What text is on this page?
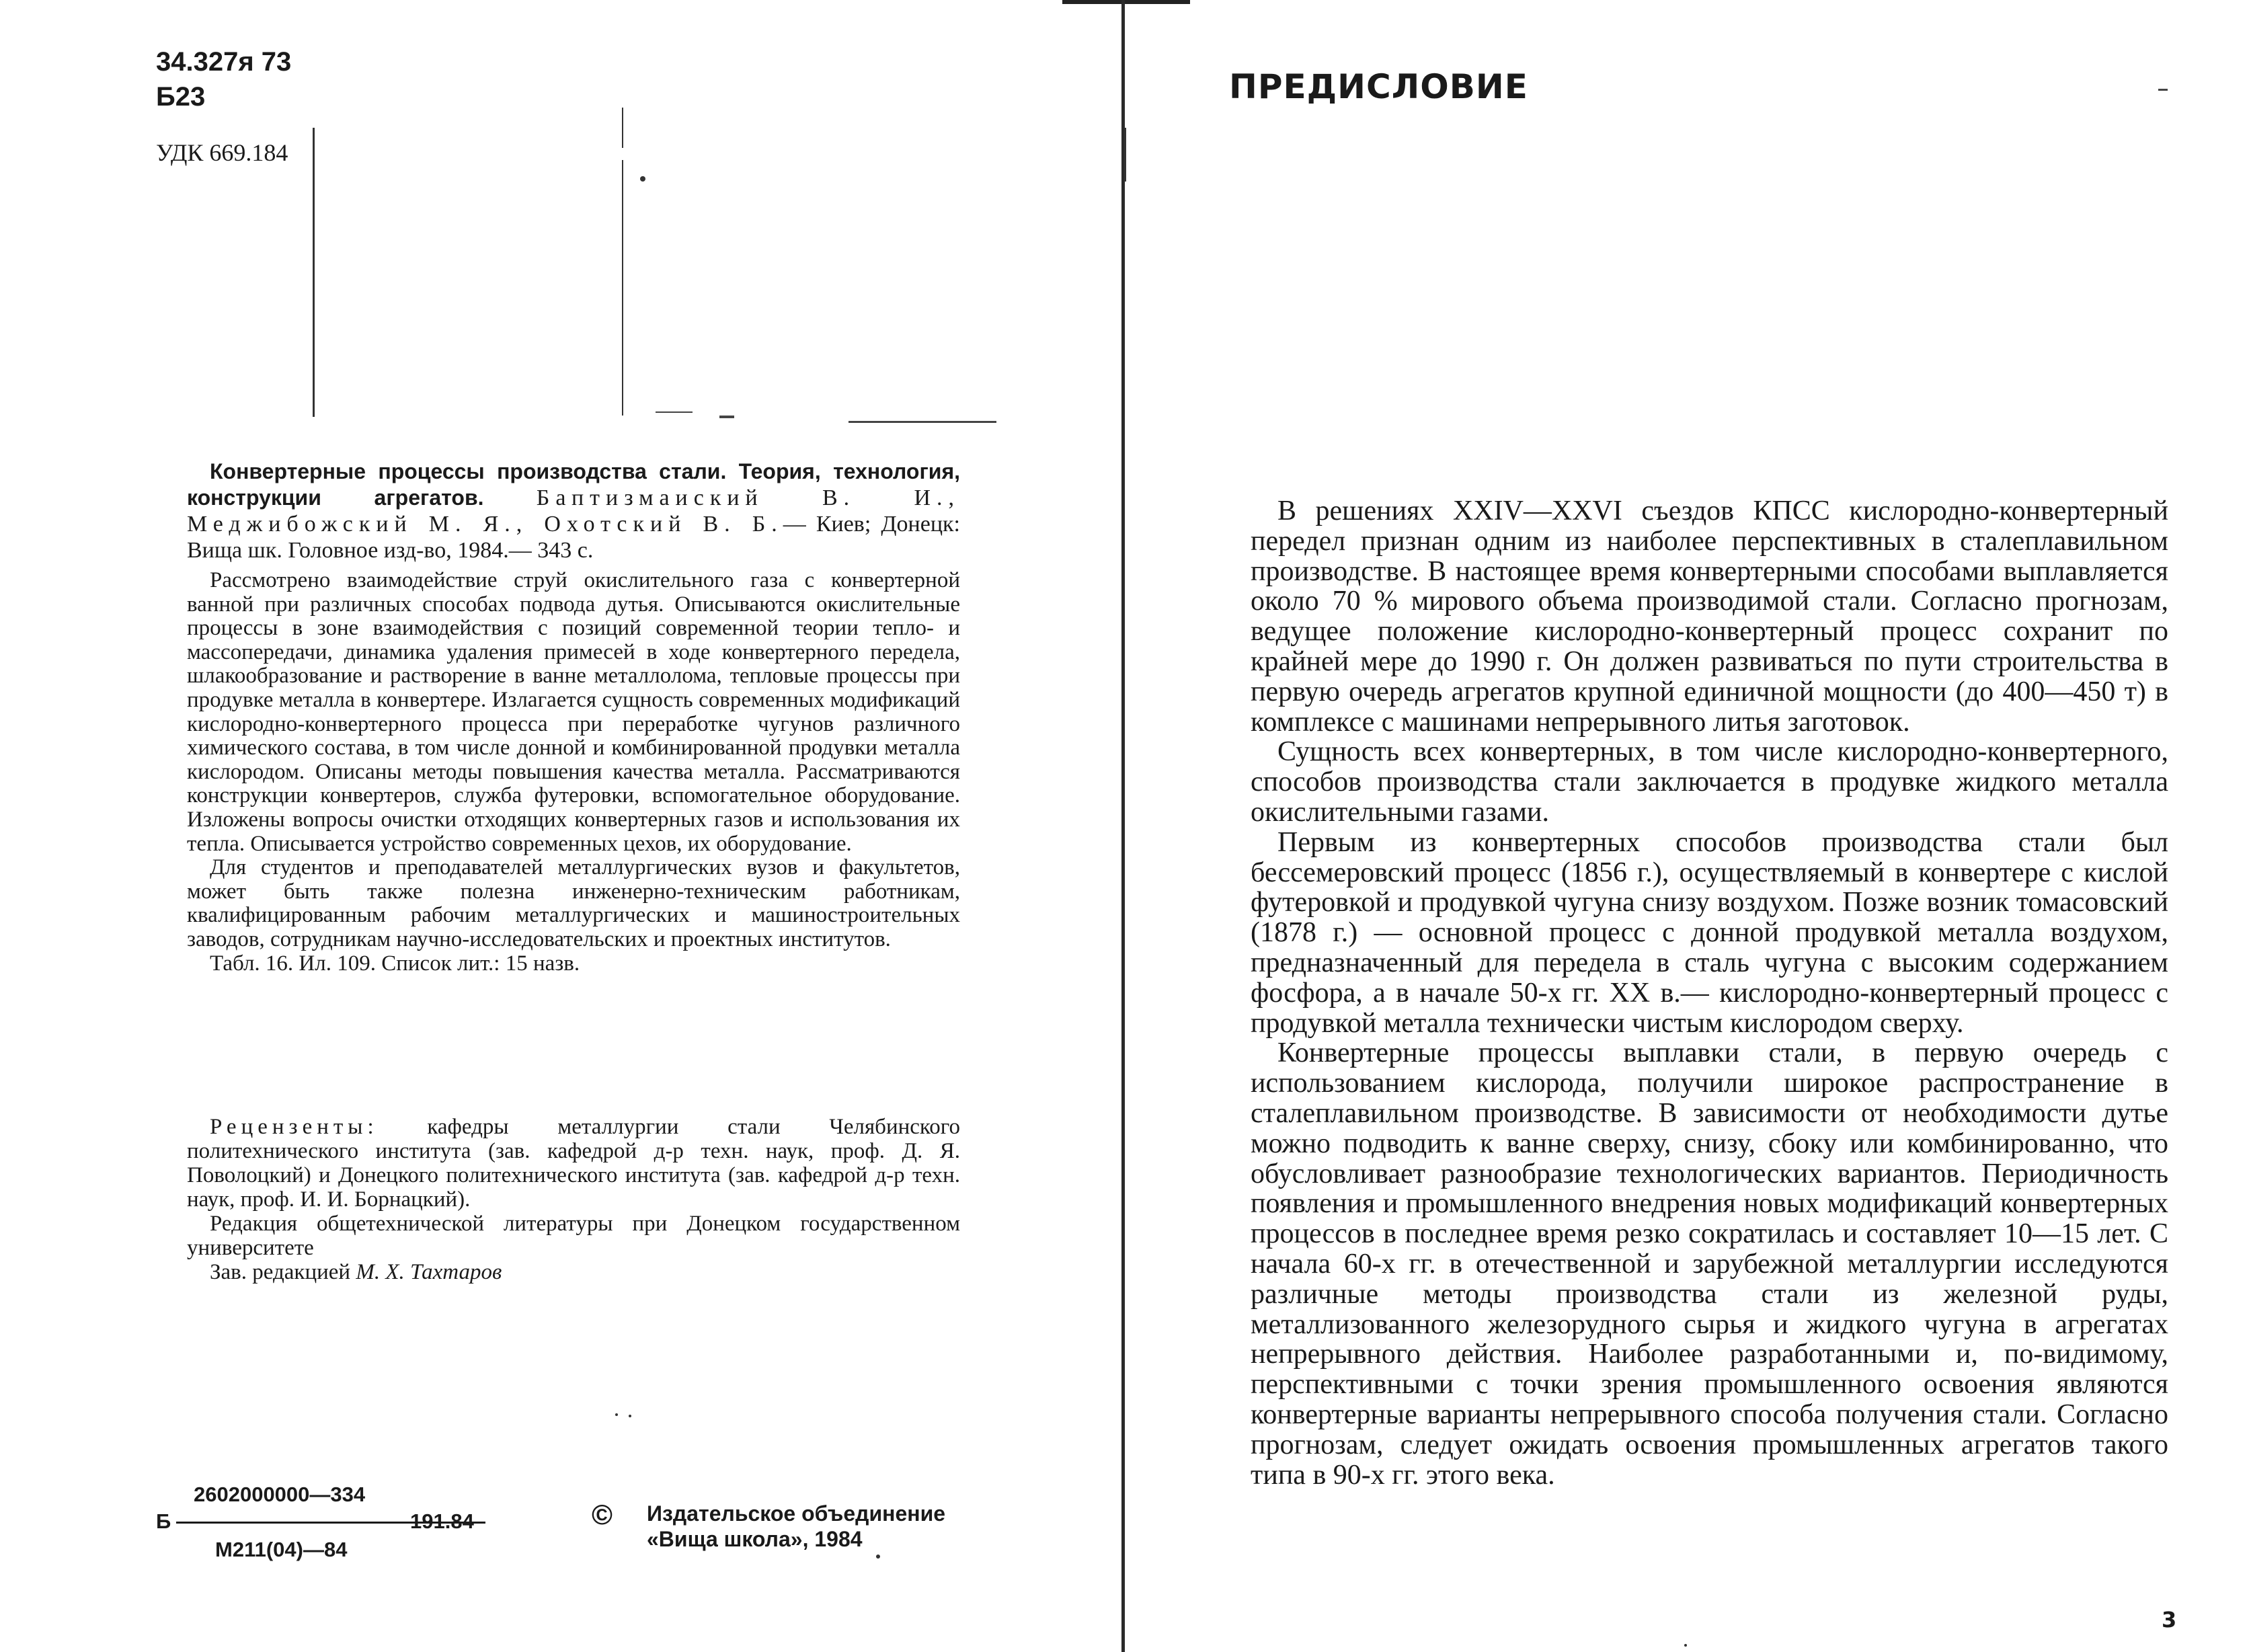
34.327я 73
Б23
УДК 669.184
Конвертерные процессы производства стали. Теория, технология, конструкции агрегатов. Баптизмаиский В. И., Меджибожский М. Я., Охотский В. Б.— Киев; Донецк: Вища шк. Головное изд-во, 1984.— 343 с.

Рассмотрено взаимодействие струй окислительного газа с конвертерной ванной при различных способах подвода дутья. Описываются окислительные процессы в зоне взаимодействия с позиций современной теории тепло- и массопередачи, динамика удаления примесей в ходе конвертерного передела, шлакообразование и растворение в ванне металлолома, тепловые процессы при продувке металла в конвертере. Излагается сущность современных модификаций кислородно-конвертерного процесса при переработке чугунов различного химического состава, в том числе донной и комбинированной продувки металла кислородом. Описаны методы повышения качества металла. Рассматриваются конструкции конвертеров, служба футеровки, вспомогательное оборудование. Изложены вопросы очистки отходящих конвертерных газов и использования их тепла. Описывается устройство современных цехов, их оборудование.

Для студентов и преподавателей металлургических вузов и факультетов, может быть также полезна инженерно-техническим работникам, квалифицированным рабочим металлургических и машиностроительных заводов, сотрудникам научно-исследовательских и проектных институтов.

Табл. 16. Ил. 109. Список лит.: 15 назв.

Рецензенты: кафедры металлургии стали Челябинского политехнического института (зав. кафедрой д-р техн. наук, проф. Д. Я. Поволоцкий) и Донецкого политехнического института (зав. кафедрой д-р техн. наук, проф. И. И. Борнацкий).

Редакция общетехнической литературы при Донецком государственном университете

Зав. редакцией М. Х. Тахтаров

2602000000—334
Б	191.84
М211(04)—84
© Издательское объединение
«Вища школа», 1984
ПРЕДИСЛОВИЕ

В решениях XXIV—XXVI съездов КПСС кислородно-конвертерный передел признан одним из наиболее перспективных в сталеплавильном производстве. В настоящее время конвертерными способами выплавляется около 70 % мирового объема производимой стали. Согласно прогнозам, ведущее положение кислородно-конвертерный процесс сохранит по крайней мере до 1990 г. Он должен развиваться по пути строительства в первую очередь агрегатов крупной единичной мощности (до 400—450 т) в комплексе с машинами непрерывного литья заготовок.

Сущность всех конвертерных, в том числе кислородно-конвертерного, способов производства стали заключается в продувке жидкого металла окислительными газами.

Первым из конвертерных способов производства стали был бессемеровский процесс (1856 г.), осуществляемый в конвертере с кислой футеровкой и продувкой чугуна снизу воздухом. Позже возник томасовский (1878 г.) — основной процесс с донной продувкой металла воздухом, предназначенный для передела в сталь чугуна с высоким содержанием фосфора, а в начале 50-х гг. XX в.— кислородно-конвертерный процесс с продувкой металла технически чистым кислородом сверху.

Конвертерные процессы выплавки стали, в первую очередь с использованием кислорода, получили широкое распространение в сталеплавильном производстве. В зависимости от необходимости дутье можно подводить к ванне сверху, снизу, сбоку или комбинированно, что обусловливает разнообразие технологических вариантов. Периодичность появления и промышленного внедрения новых модификаций конвертерных процессов в последнее время резко сократилась и составляет 10—15 лет. С начала 60-х гг. в отечественной и зарубежной металлургии исследуются различные методы производства стали из железной руды, металлизованного железорудного сырья и жидкого чугуна в агрегатах непрерывного действия. Наиболее разработанными и, по-видимому, перспективными с точки зрения промышленного освоения являются конвертерные варианты непрерывного способа получения стали. Согласно прогнозам, следует ожидать освоения промышленных агрегатов такого типа в 90-х гг. этого века.

3
